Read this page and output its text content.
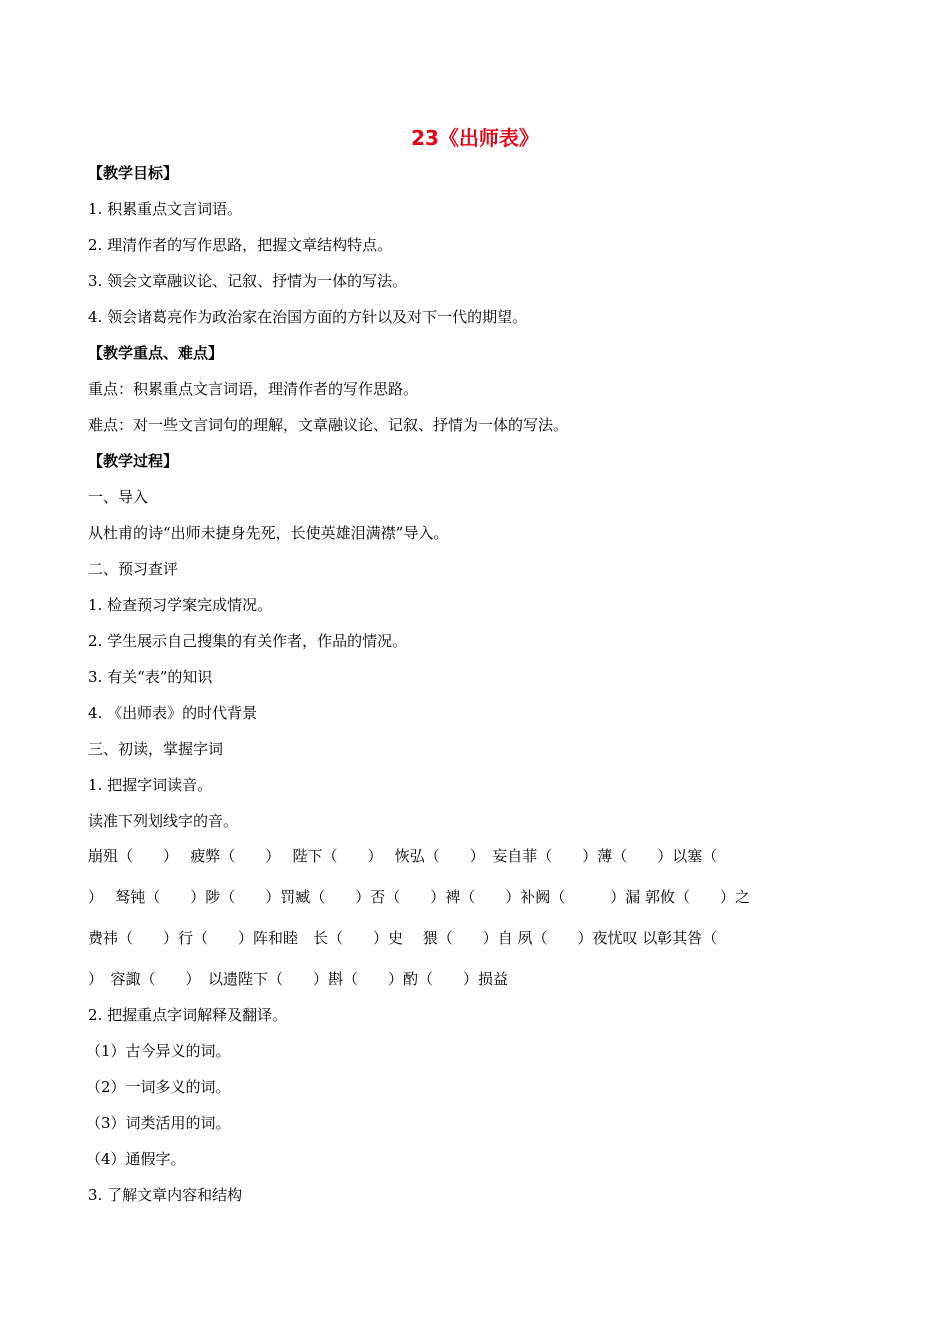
23《出师表》
【教学目标】
1. 积累重点文言词语。
2. 理清作者的写作思路，把握文章结构特点。
3. 领会文章融议论、记叙、抒情为一体的写法。
4. 领会诸葛亮作为政治家在治国方面的方针以及对下一代的期望。
【教学重点、难点】
重点：积累重点文言词语，理清作者的写作思路。
难点：对一些文言词句的理解，文章融议论、记叙、抒情为一体的写法。
【教学过程】
一、导入
从杜甫的诗“出师未捷身先死，长使英雄泪满襟”导入。
二、预习查评
1. 检查预习学案完成情况。
2. 学生展示自己搜集的有关作者，作品的情况。
3. 有关“表”的知识
4. 《出师表》的时代背景
三、初读，掌握字词
1. 把握字词读音。
读准下列划线字的音。
崩殂（　　）　 疲弊（　　）　 陛下（　　）　 恢弘（　　）　妄自菲（　　）薄（　　）以塞（
）　 驽钝（　　）陟（　　）罚臧（　　）否（　　）裨（　　）补阙（　　　）漏 郭攸（　　）之
费祎（　　）行（　　）阵和睦　长（　　）史　 猥（　　）自 夙（　　）夜忧叹 以彰其咎（
）　容諏（　　）　以遗陛下（　　）斟（　　）酌（　　）损益
2. 把握重点字词解释及翻译。
（1）古今异义的词。
（2）一词多义的词。
（3）词类活用的词。
（4）通假字。
3. 了解文章内容和结构
